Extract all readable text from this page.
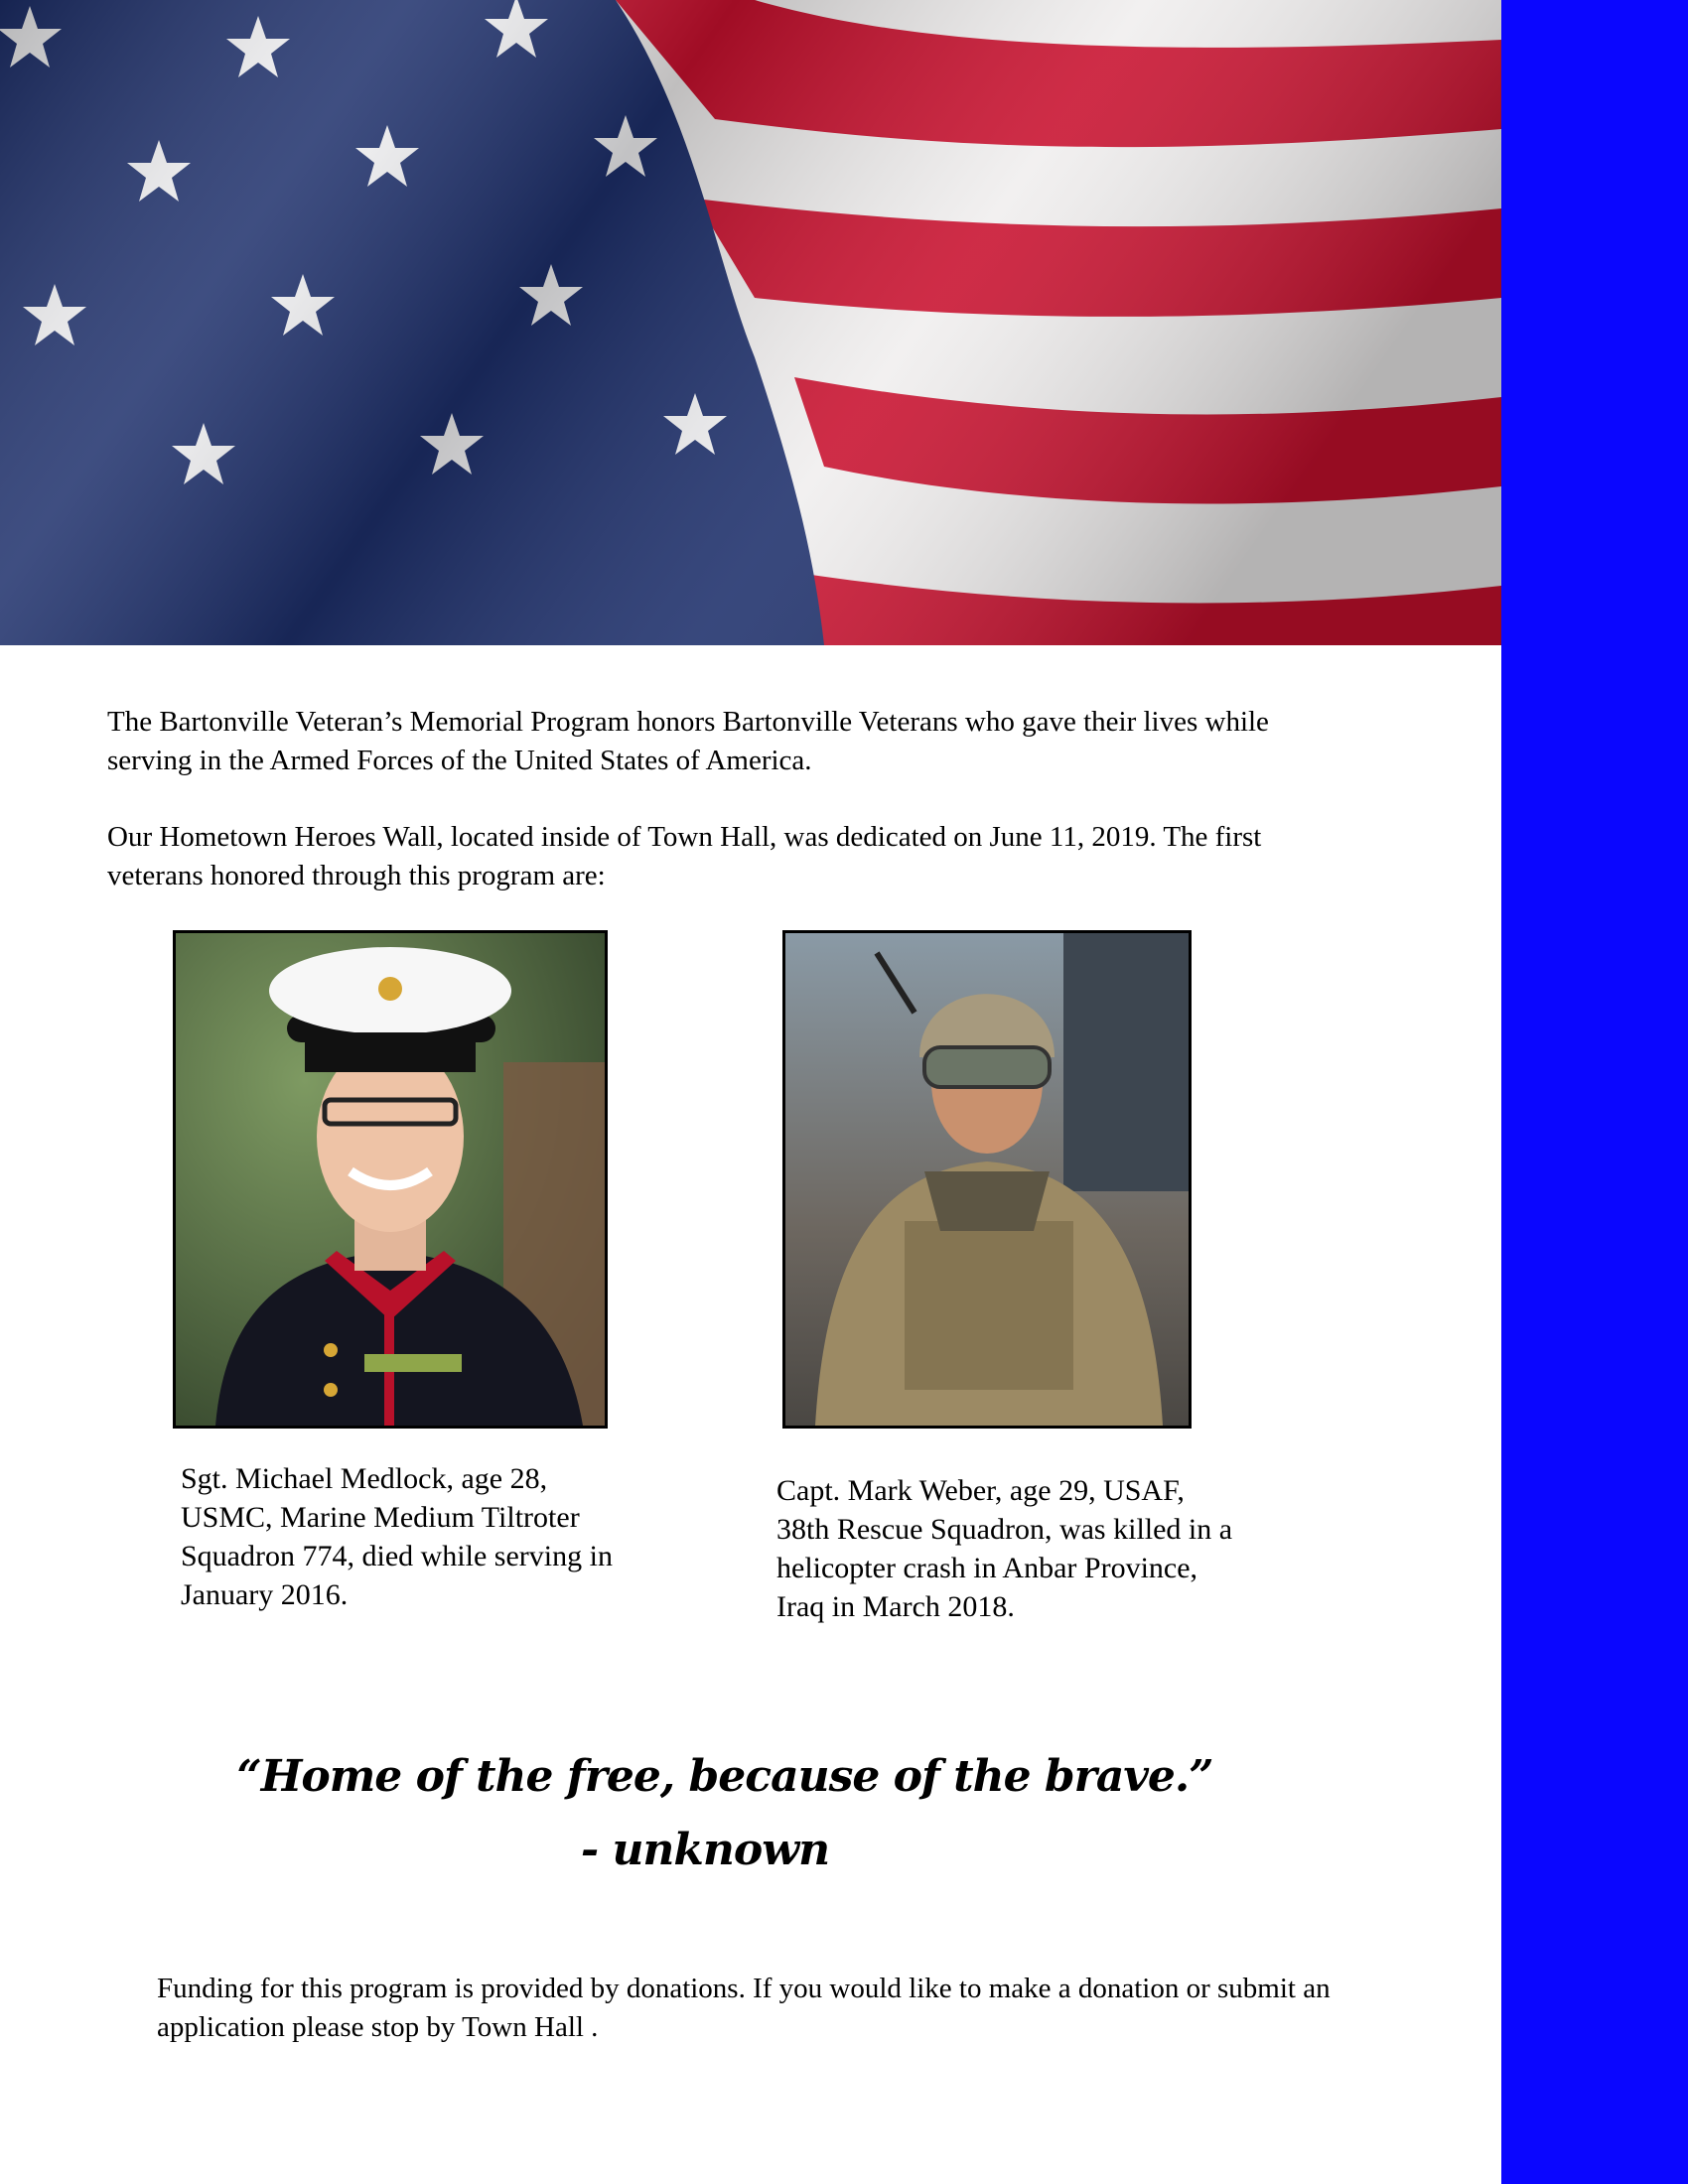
The Bartonville Veteran’s Memorial Program honors Bartonville Veterans who gave their lives while serving in the Armed Forces of the United States of America.

Our Hometown Heroes Wall, located inside of Town Hall, was dedicated on June 11, 2019. The first veterans honored through this program are:

Sgt. Michael Medlock, age 28, USMC, Marine Medium Tiltroter Squadron 774, died while serving in January 2016.

Capt. Mark Weber, age 29, USAF, 38th Rescue Squadron, was killed in a helicopter crash in Anbar Province, Iraq in March 2018.

“Home of the free, because of the brave.”

- unknown

Funding for this program is provided by donations. If you would like to make a donation or submit an application please stop by Town Hall .
